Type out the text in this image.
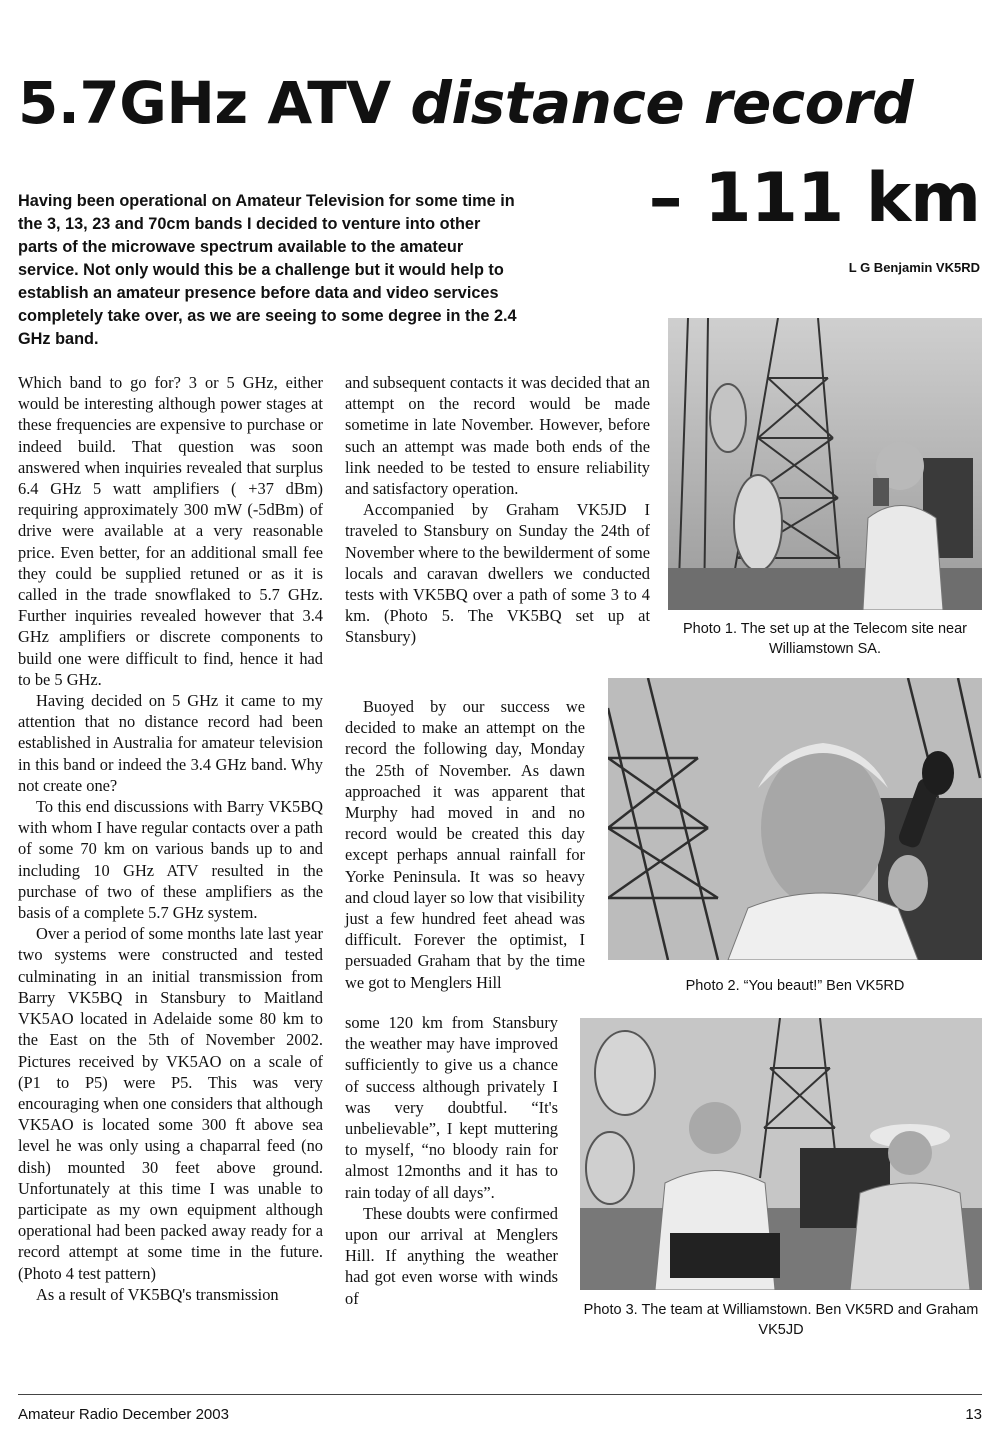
5.7GHz ATV distance record
– 111 km
Having been operational on Amateur Television for some time in the 3, 13, 23 and 70cm bands I decided to venture into other parts of the microwave spectrum available to the amateur service. Not only would this be a challenge but it would help to establish an amateur presence before data and video services completely take over, as we are seeing to some degree in the 2.4 GHz band.
L G Benjamin VK5RD

Which band to go for? 3 or 5 GHz, either would be interesting although power stages at these frequencies are expensive to purchase or indeed build. That question was soon answered when inquiries revealed that surplus 6.4 GHz 5 watt amplifiers ( +37 dBm) requiring approximately 300 mW (-5dBm) of drive were available at a very reasonable price. Even better, for an additional small fee they could be supplied retuned or as it is called in the trade snowflaked to 5.7 GHz. Further inquiries revealed however that 3.4 GHz amplifiers or discrete components to build one were difficult to find, hence it had to be 5 GHz.

Having decided on 5 GHz it came to my attention that no distance record had been established in Australia for amateur television in this band or indeed the 3.4 GHz band. Why not create one?

To this end discussions with Barry VK5BQ with whom I have regular contacts over a path of some 70 km on various bands up to and including 10 GHz ATV resulted in the purchase of two of these amplifiers as the basis of a complete 5.7 GHz system.

Over a period of some months late last year two systems were constructed and tested culminating in an initial transmission from Barry VK5BQ in Stansbury to Maitland VK5AO located in Adelaide some 80 km to the East on the 5th of November 2002. Pictures received by VK5AO on a scale of (P1 to P5) were P5. This was very encouraging when one considers that although VK5AO is located some 300 ft above sea level he was only using a chaparral feed (no dish) mounted 30 feet above ground. Unfortunately at this time I was unable to participate as my own equipment although operational had been packed away ready for a record attempt at some time in the future. (Photo 4 test pattern)

As a result of VK5BQ's transmission

and subsequent contacts it was decided that an attempt on the record would be made sometime in late November. However, before such an attempt was made both ends of the link needed to be tested to ensure reliability and satisfactory operation.

Accompanied by Graham VK5JD I traveled to Stansbury on Sunday the 24th of November where to the bewilderment of some locals and caravan dwellers we conducted tests with VK5BQ over a path of some 3 to 4 km. (Photo 5. The VK5BQ set up at Stansbury)

Buoyed by our success we decided to make an attempt on the record the following day, Monday the 25th of November. As dawn approached it was apparent that Murphy had moved in and no record would be created this day except perhaps annual rainfall for Yorke Peninsula. It was so heavy and cloud layer so low that visibility just a few hundred feet ahead was difficult. Forever the optimist, I persuaded Graham that by the time we got to Menglers Hill

some 120 km from Stansbury the weather may have improved sufficiently to give us a chance of success although privately I was very doubtful. “It's unbelievable”, I kept muttering to myself, “no bloody rain for almost 12months and it has to rain today of all days”.

These doubts were confirmed upon our arrival at Menglers Hill. If anything the weather had got even worse with winds of

Photo 1. The set up at the Telecom site near Williamstown SA.
Photo 2. “You beaut!” Ben VK5RD
Photo 3. The team at Williamstown. Ben VK5RD and Graham VK5JD
Amateur Radio December 2003	13
